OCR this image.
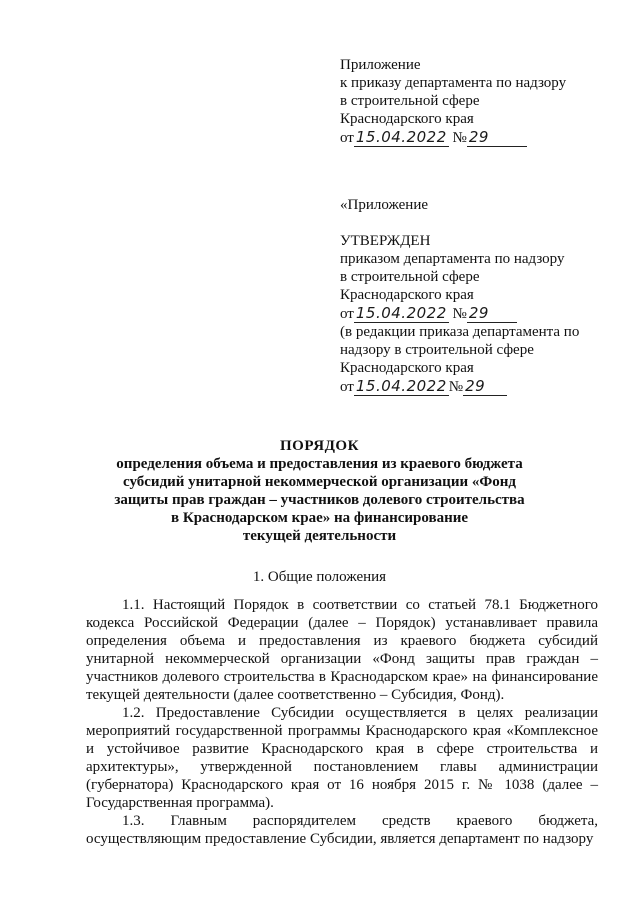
Приложение
к приказу департамента по надзору
в строительной сфере
Краснодарского края
от 15.04.2022 № 29
«Приложение
УТВЕРЖДЕН
приказом департамента по надзору
в строительной сфере
Краснодарского края
от 15.04.2022 № 29
(в редакции приказа департамента по
надзору в строительной сфере
Краснодарского края
от 15.04.2022 № 29
ПОРЯДОК
определения объема и предоставления из краевого бюджета
субсидий унитарной некоммерческой организации «Фонд
защиты прав граждан – участников долевого строительства
в Краснодарском крае» на финансирование
текущей деятельности
1. Общие положения

1.1. Настоящий Порядок в соответствии со статьей 78.1 Бюджетного кодекса Российской Федерации (далее – Порядок) устанавливает правила определения объема и предоставления из краевого бюджета субсидий унитарной некоммерческой организации «Фонд защиты прав граждан – участников долевого строительства в Краснодарском крае» на финансирование текущей деятельности (далее соответственно – Субсидия, Фонд).

1.2. Предоставление Субсидии осуществляется в целях реализации мероприятий государственной программы Краснодарского края «Комплексное и устойчивое развитие Краснодарского края в сфере строительства и архитектуры», утвержденной постановлением главы администрации (губернатора) Краснодарского края от 16 ноября 2015 г. № 1038 (далее – Государственная программа).

1.3. Главным распорядителем средств краевого бюджета, осуществляющим предоставление Субсидии, является департамент по надзору
